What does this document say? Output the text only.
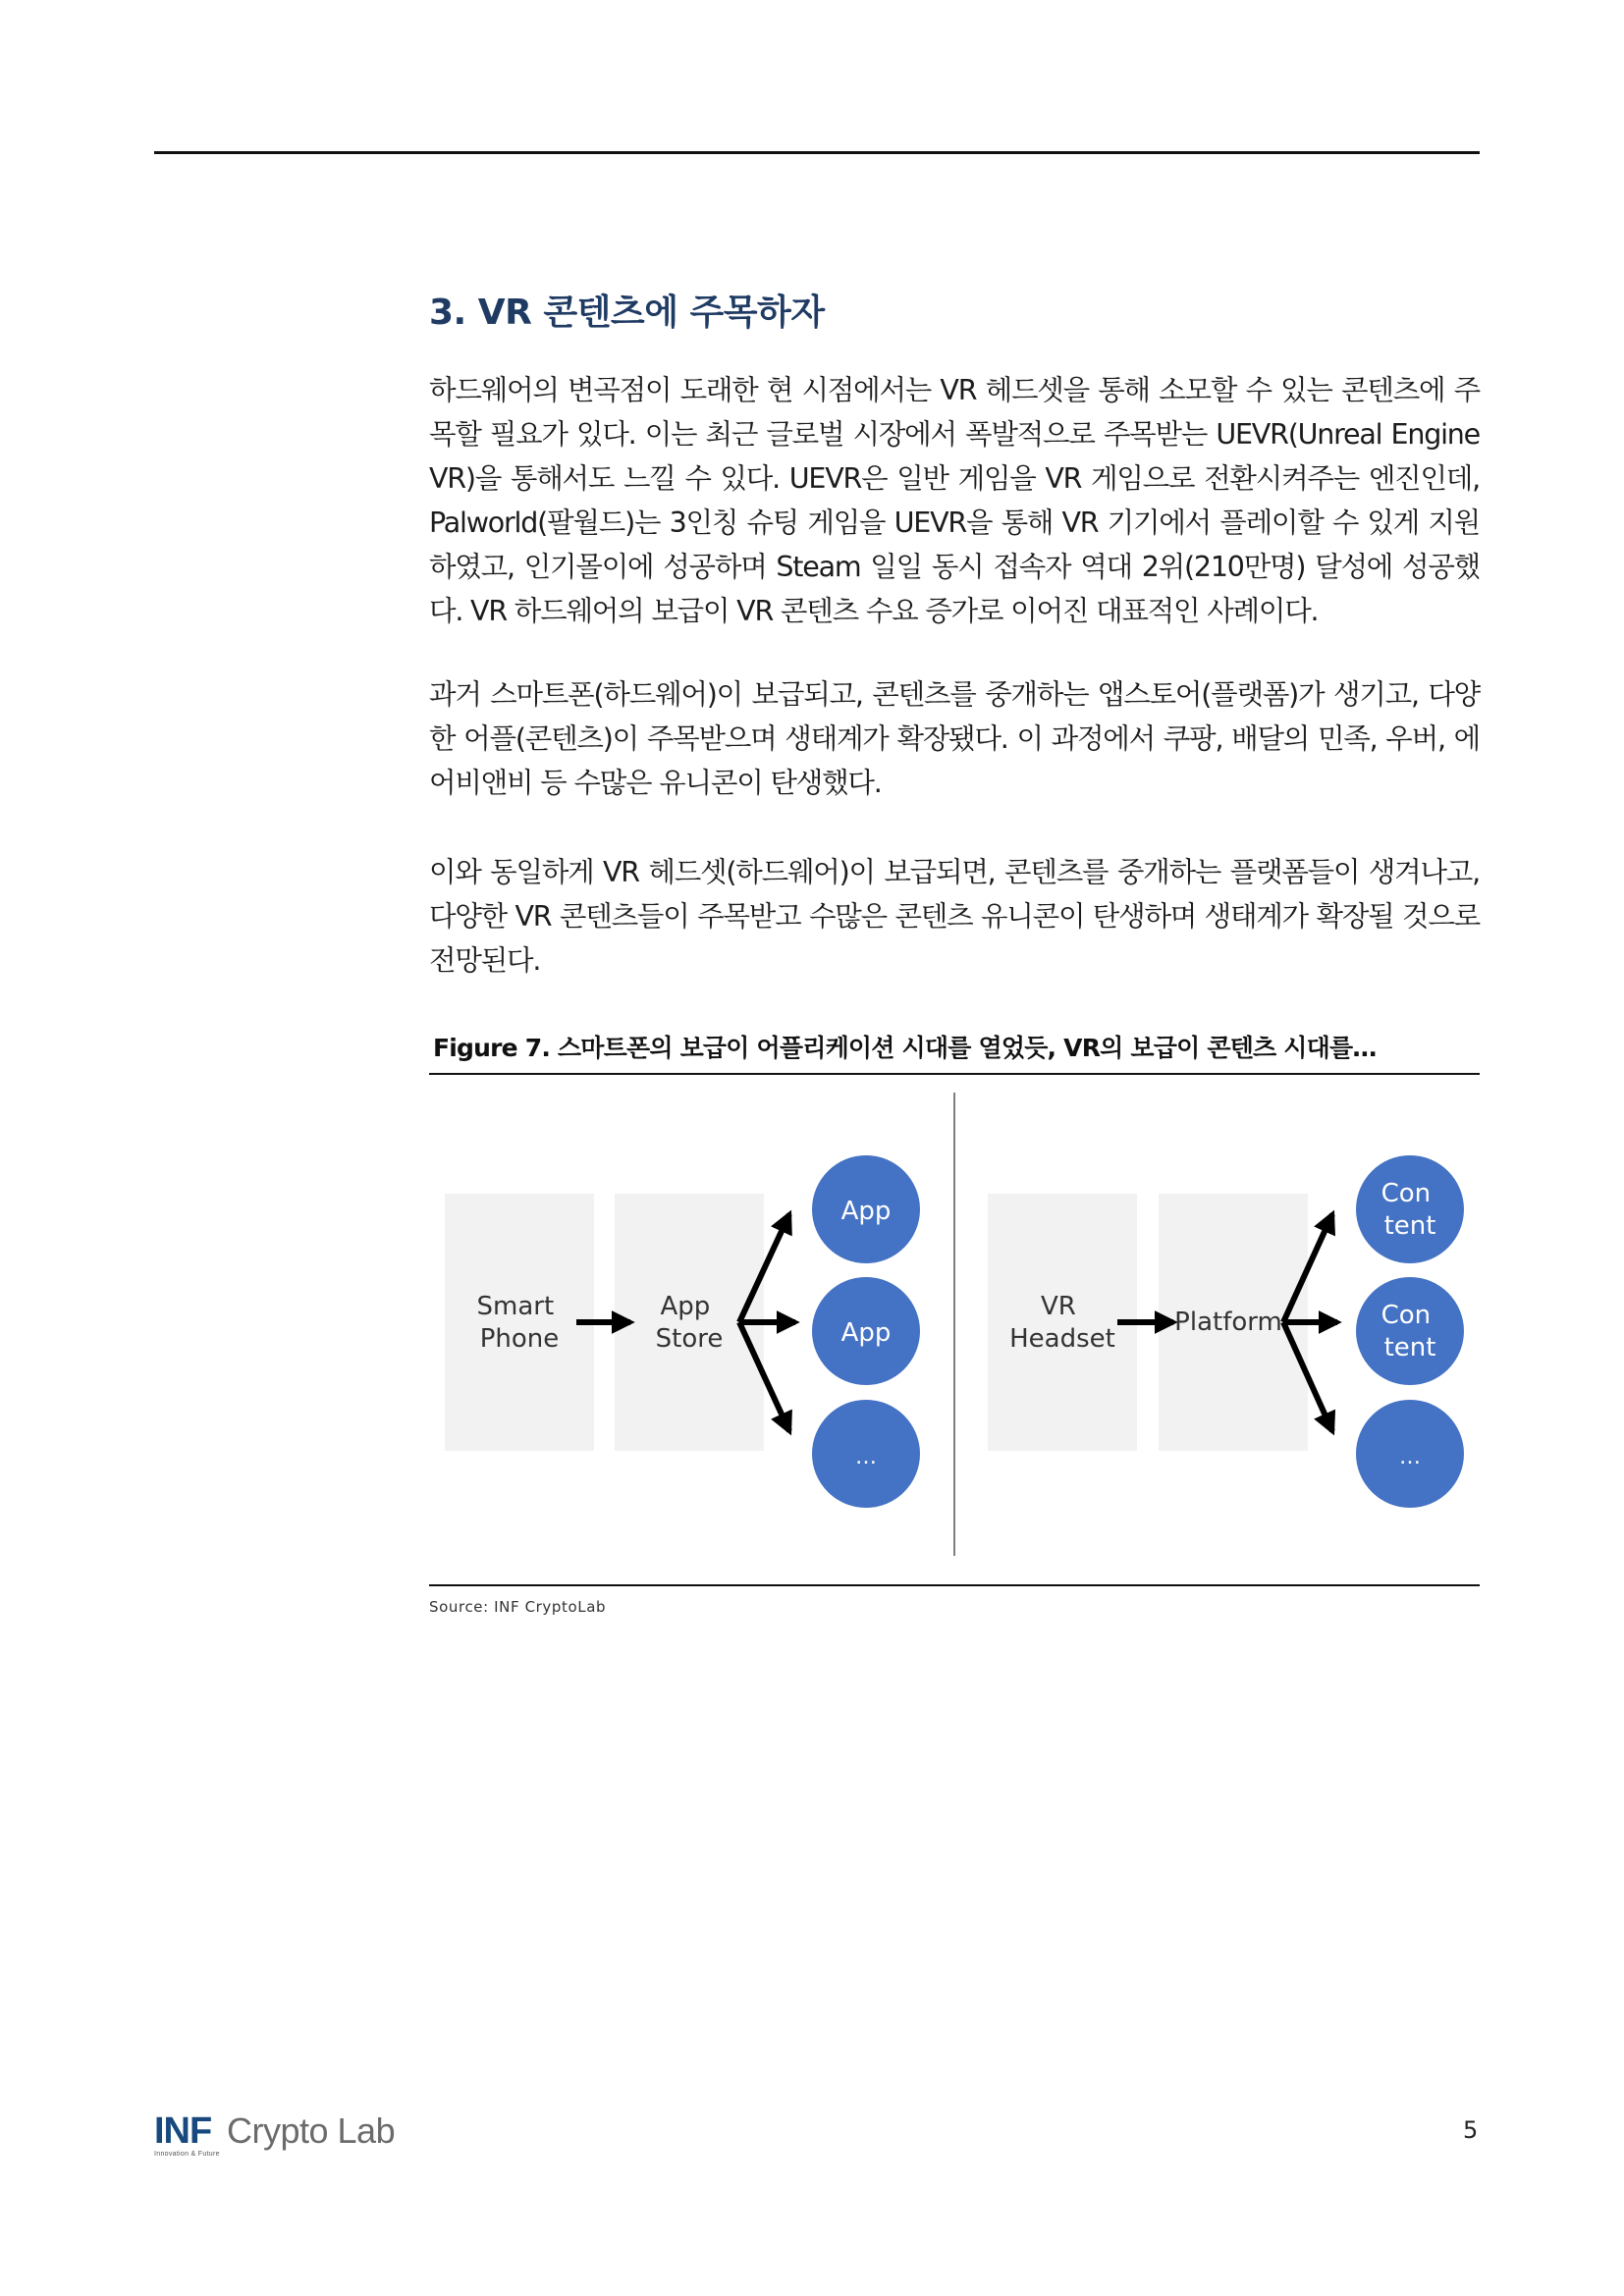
3. VR 콘텐츠에 주목하자

하드웨어의 변곡점이 도래한 현 시점에서는 VR 헤드셋을 통해 소모할 수 있는 콘텐츠에 주목할 필요가 있다. 이는 최근 글로벌 시장에서 폭발적으로 주목받는 UEVR(Unreal Engine VR)을 통해서도 느낄 수 있다. UEVR은 일반 게임을 VR 게임으로 전환시켜주는 엔진인데, Palworld(팔월드)는 3인칭 슈팅 게임을 UEVR을 통해 VR 기기에서 플레이할 수 있게 지원하였고, 인기몰이에 성공하며 Steam 일일 동시 접속자 역대 2위(210만명) 달성에 성공했다. VR 하드웨어의 보급이 VR 콘텐츠 수요 증가로 이어진 대표적인 사례이다.

과거 스마트폰(하드웨어)이 보급되고, 콘텐츠를 중개하는 앱스토어(플랫폼)가 생기고, 다양한 어플(콘텐츠)이 주목받으며 생태계가 확장됐다. 이 과정에서 쿠팡, 배달의 민족, 우버, 에어비앤비 등 수많은 유니콘이 탄생했다.

이와 동일하게 VR 헤드셋(하드웨어)이 보급되면, 콘텐츠를 중개하는 플랫폼들이 생겨나고, 다양한 VR 콘텐츠들이 주목받고 수많은 콘텐츠 유니콘이 탄생하며 생태계가 확장될 것으로 전망된다.

Figure 7. 스마트폰의 보급이 어플리케이션 시대를 열었듯, VR의 보급이 콘텐츠 시대를…

Smart Phone
App Store
App
App
…
VR Headset
Platform
Con tent
Con tent
…

Source: INF CryptoLab

INF Crypto Lab
Innovation & Future

5
